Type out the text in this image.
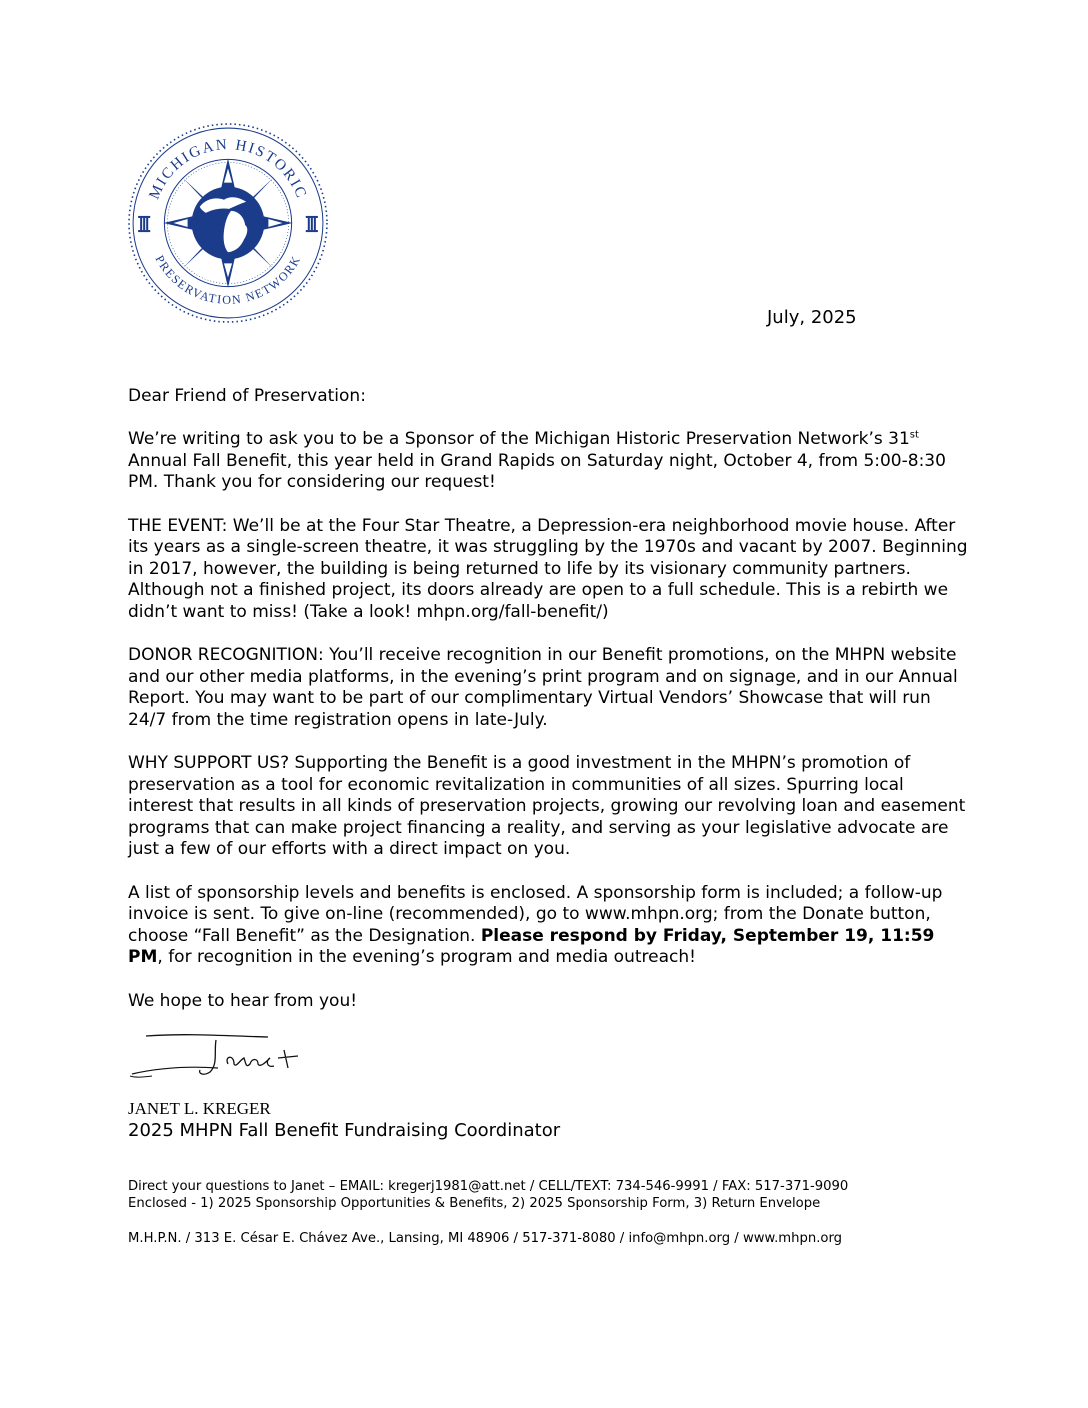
MICHIGAN HISTORIC
PRESERVATION NETWORK
July, 2025

Dear Friend of Preservation:

We’re writing to ask you to be a Sponsor of the Michigan Historic Preservation Network’s 31st Annual Fall Benefit, this year held in Grand Rapids on Saturday night, October 4, from 5:00-8:30 PM. Thank you for considering our request!

THE EVENT: We’ll be at the Four Star Theatre, a Depression-era neighborhood movie house. After its years as a single-screen theatre, it was struggling by the 1970s and vacant by 2007. Beginning in 2017, however, the building is being returned to life by its visionary community partners. Although not a finished project, its doors already are open to a full schedule. This is a rebirth we didn’t want to miss! (Take a look! mhpn.org/fall-benefit/)

DONOR RECOGNITION: You’ll receive recognition in our Benefit promotions, on the MHPN website and our other media platforms, in the evening’s print program and on signage, and in our Annual Report. You may want to be part of our complimentary Virtual Vendors’ Showcase that will run 24/7 from the time registration opens in late-July.

WHY SUPPORT US? Supporting the Benefit is a good investment in the MHPN’s promotion of preservation as a tool for economic revitalization in communities of all sizes. Spurring local interest that results in all kinds of preservation projects, growing our revolving loan and easement programs that can make project financing a reality, and serving as your legislative advocate are just a few of our efforts with a direct impact on you.

A list of sponsorship levels and benefits is enclosed. A sponsorship form is included; a follow-up invoice is sent. To give on-line (recommended), go to www.mhpn.org; from the Donate button, choose “Fall Benefit” as the Designation. Please respond by Friday, September 19, 11:59 PM, for recognition in the evening’s program and media outreach!

We hope to hear from you!

JANET L. KREGER
2025 MHPN Fall Benefit Fundraising Coordinator
Direct your questions to Janet – EMAIL: kregerj1981@att.net / CELL/TEXT: 734-546-9991 / FAX: 517-371-9090
Enclosed - 1) 2025 Sponsorship Opportunities & Benefits, 2) 2025 Sponsorship Form, 3) Return Envelope
M.H.P.N. / 313 E. César E. Chávez Ave., Lansing, MI 48906 / 517-371-8080 / info@mhpn.org / www.mhpn.org
